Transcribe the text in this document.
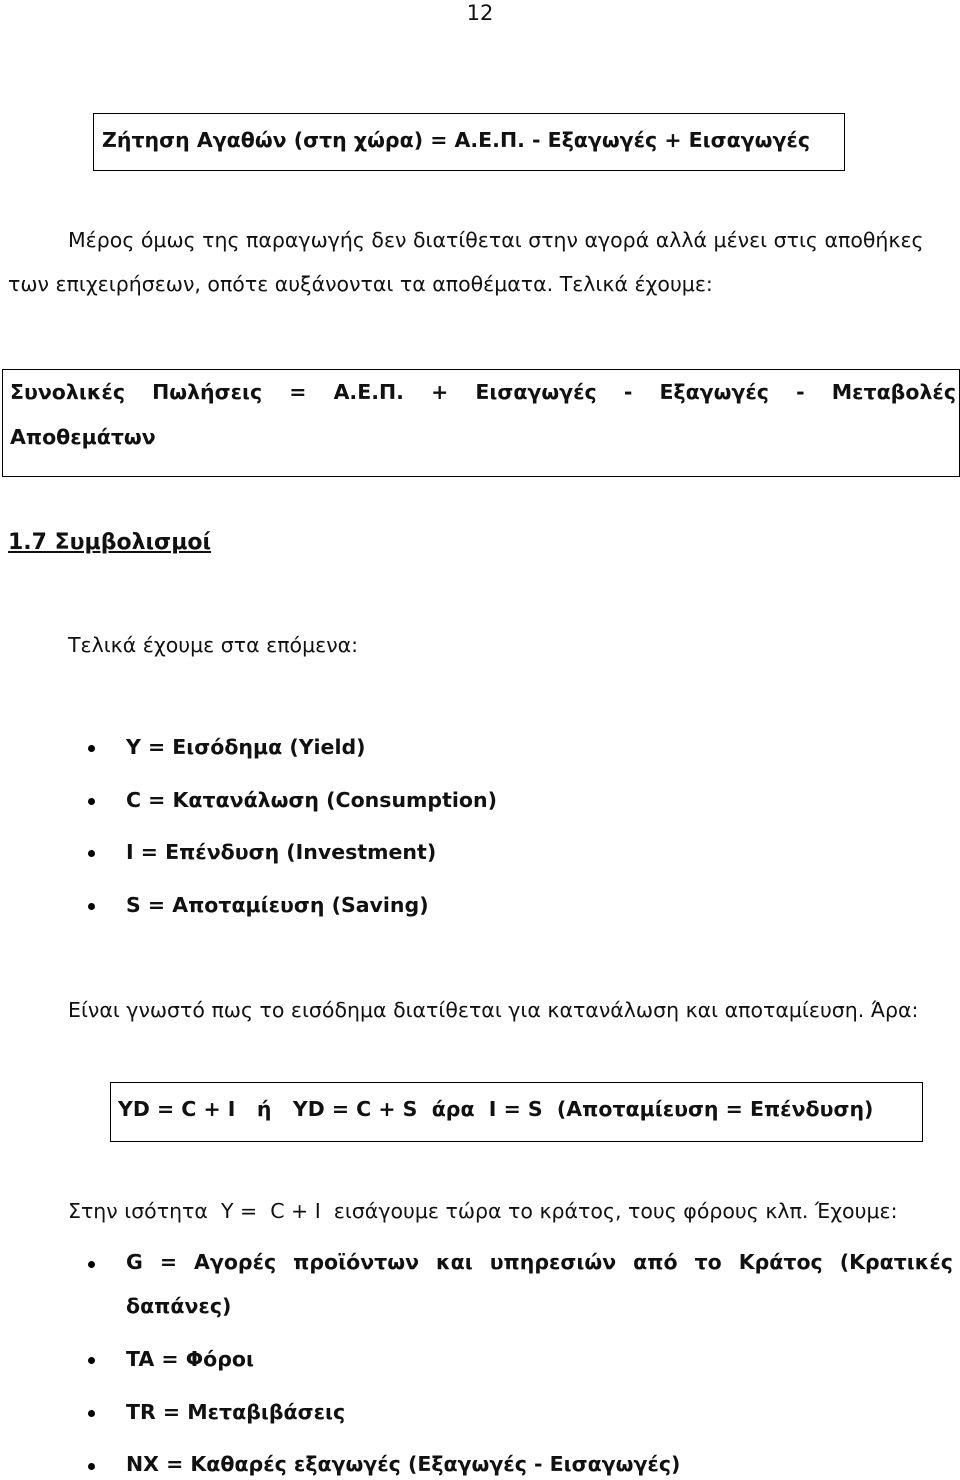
12
Ζήτηση Αγαθών (στη χώρα) = Α.Ε.Π. - Εξαγωγές + Εισαγωγές
Μέρος όμως της παραγωγής δεν διατίθεται στην αγορά αλλά μένει στις αποθήκες
των επιχειρήσεων, οπότε αυξάνονται τα αποθέματα. Τελικά έχουμε:
Συνολικές Πωλήσεις = Α.Ε.Π. + Εισαγωγές - Εξαγωγές - Μεταβολές
Αποθεμάτων
1.7 Συμβολισμοί
Τελικά έχουμε στα επόμενα:
Y = Εισόδημα (Yield)
C = Κατανάλωση (Consumption)
I = Επένδυση (Investment)
S = Αποταμίευση (Saving)
Είναι γνωστό πως το εισόδημα διατίθεται για κατανάλωση και αποταμίευση. Άρα:
YD = C + I   ή   YD = C + S  άρα  I = S  (Αποταμίευση = Επένδυση)
Στην ισότητα  Y =  C + I  εισάγουμε τώρα το κράτος, τους φόρους κλπ. Έχουμε:
G = Αγορές προϊόντων και υπηρεσιών από το Κράτος (Κρατικές
δαπάνες)
TA = Φόροι
TR = Μεταβιβάσεις
NX = Καθαρές εξαγωγές (Εξαγωγές - Εισαγωγές)
